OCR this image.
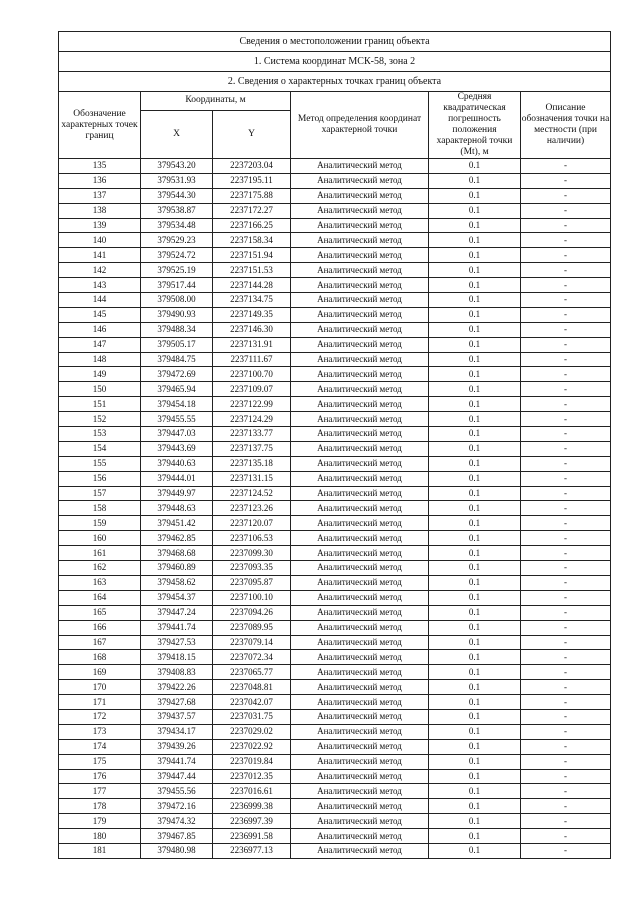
Сведения о местоположении границ объекта					
1. Система координат МСК-58, зона 2					
2. Сведения о характерных точках границ объекта					
Обозначение характерных точек границ	Координаты, м		Метод определения координат характерной точки	Средняя квадратическая погрешность положения характерной точки (Mt), м	Описание обозначения точки на местности (при наличии)
	X	Y			
135	379543.20	2237203.04	Аналитический метод	0.1	-
136	379531.93	2237195.11	Аналитический метод	0.1	-
137	379544.30	2237175.88	Аналитический метод	0.1	-
138	379538.87	2237172.27	Аналитический метод	0.1	-
139	379534.48	2237166.25	Аналитический метод	0.1	-
140	379529.23	2237158.34	Аналитический метод	0.1	-
141	379524.72	2237151.94	Аналитический метод	0.1	-
142	379525.19	2237151.53	Аналитический метод	0.1	-
143	379517.44	2237144.28	Аналитический метод	0.1	-
144	379508.00	2237134.75	Аналитический метод	0.1	-
145	379490.93	2237149.35	Аналитический метод	0.1	-
146	379488.34	2237146.30	Аналитический метод	0.1	-
147	379505.17	2237131.91	Аналитический метод	0.1	-
148	379484.75	2237111.67	Аналитический метод	0.1	-
149	379472.69	2237100.70	Аналитический метод	0.1	-
150	379465.94	2237109.07	Аналитический метод	0.1	-
151	379454.18	2237122.99	Аналитический метод	0.1	-
152	379455.55	2237124.29	Аналитический метод	0.1	-
153	379447.03	2237133.77	Аналитический метод	0.1	-
154	379443.69	2237137.75	Аналитический метод	0.1	-
155	379440.63	2237135.18	Аналитический метод	0.1	-
156	379444.01	2237131.15	Аналитический метод	0.1	-
157	379449.97	2237124.52	Аналитический метод	0.1	-
158	379448.63	2237123.26	Аналитический метод	0.1	-
159	379451.42	2237120.07	Аналитический метод	0.1	-
160	379462.85	2237106.53	Аналитический метод	0.1	-
161	379468.68	2237099.30	Аналитический метод	0.1	-
162	379460.89	2237093.35	Аналитический метод	0.1	-
163	379458.62	2237095.87	Аналитический метод	0.1	-
164	379454.37	2237100.10	Аналитический метод	0.1	-
165	379447.24	2237094.26	Аналитический метод	0.1	-
166	379441.74	2237089.95	Аналитический метод	0.1	-
167	379427.53	2237079.14	Аналитический метод	0.1	-
168	379418.15	2237072.34	Аналитический метод	0.1	-
169	379408.83	2237065.77	Аналитический метод	0.1	-
170	379422.26	2237048.81	Аналитический метод	0.1	-
171	379427.68	2237042.07	Аналитический метод	0.1	-
172	379437.57	2237031.75	Аналитический метод	0.1	-
173	379434.17	2237029.02	Аналитический метод	0.1	-
174	379439.26	2237022.92	Аналитический метод	0.1	-
175	379441.74	2237019.84	Аналитический метод	0.1	-
176	379447.44	2237012.35	Аналитический метод	0.1	-
177	379455.56	2237016.61	Аналитический метод	0.1	-
178	379472.16	2236999.38	Аналитический метод	0.1	-
179	379474.32	2236997.39	Аналитический метод	0.1	-
180	379467.85	2236991.58	Аналитический метод	0.1	-
181	379480.98	2236977.13	Аналитический метод	0.1	-
